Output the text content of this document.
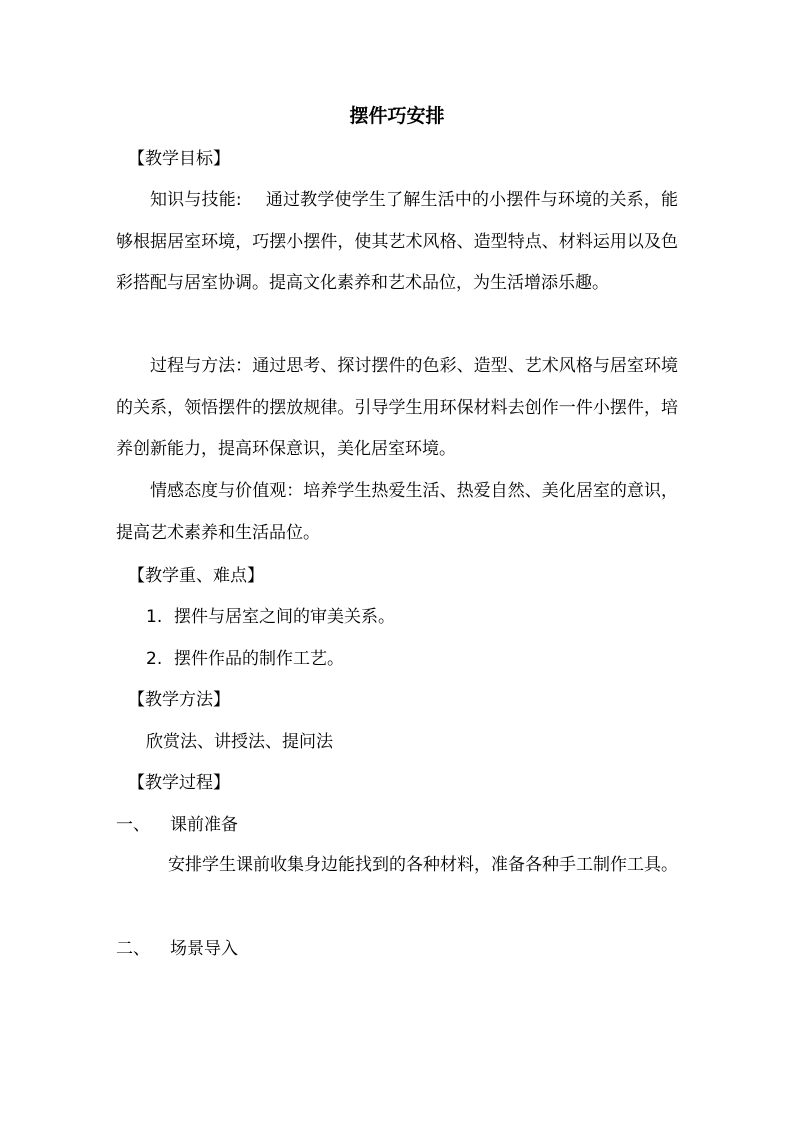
摆件巧安排
【教学目标】
知识与技能: 通过教学使学生了解生活中的小摆件与环境的关系，能够根据居室环境，巧摆小摆件，使其艺术风格、造型特点、材料运用以及色彩搭配与居室协调。提高文化素养和艺术品位，为生活增添乐趣。
过程与方法：通过思考、探讨摆件的色彩、造型、艺术风格与居室环境的关系，领悟摆件的摆放规律。引导学生用环保材料去创作一件小摆件，培养创新能力，提高环保意识，美化居室环境。
情感态度与价值观：培养学生热爱生活、热爱自然、美化居室的意识，提高艺术素养和生活品位。
【教学重、难点】
1. 摆件与居室之间的审美关系。
2. 摆件作品的制作工艺。
【教学方法】
欣赏法、讲授法、提问法
【教学过程】
一、 课前准备
安排学生课前收集身边能找到的各种材料，准备各种手工制作工具。
二、 场景导入
